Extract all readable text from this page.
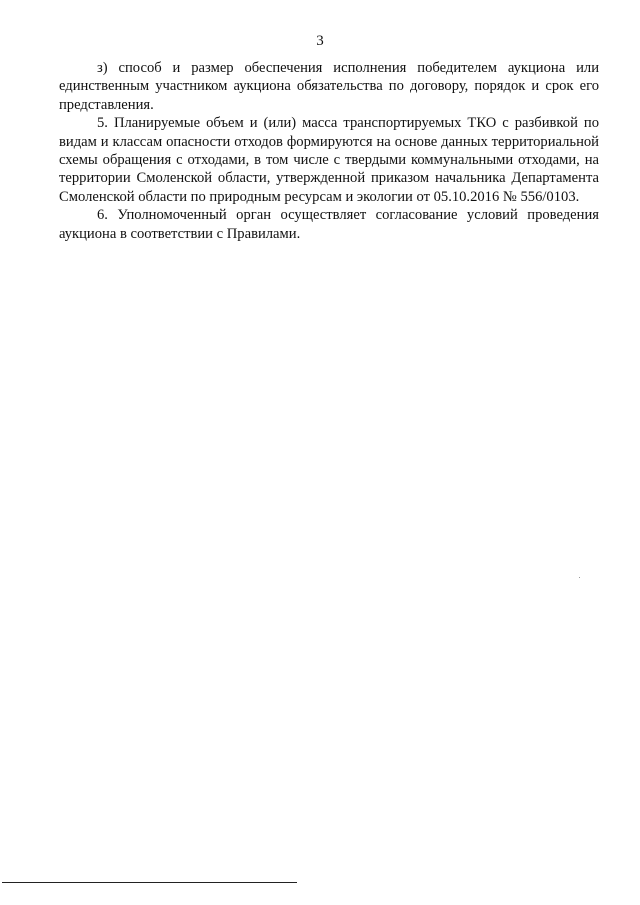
3

з) способ и размер обеспечения исполнения победителем аукциона или единственным участником аукциона обязательства по договору, порядок и срок его представления.

5. Планируемые объем и (или) масса транспортируемых ТКО с разбивкой по видам и классам опасности отходов формируются на основе данных территориальной схемы обращения с отходами, в том числе с твердыми коммунальными отходами, на территории Смоленской области, утвержденной приказом начальника Департамента Смоленской области по природным ресурсам и экологии от 05.10.2016 № 556/0103.

6. Уполномоченный орган осуществляет согласование условий проведения аукциона в соответствии с Правилами.
